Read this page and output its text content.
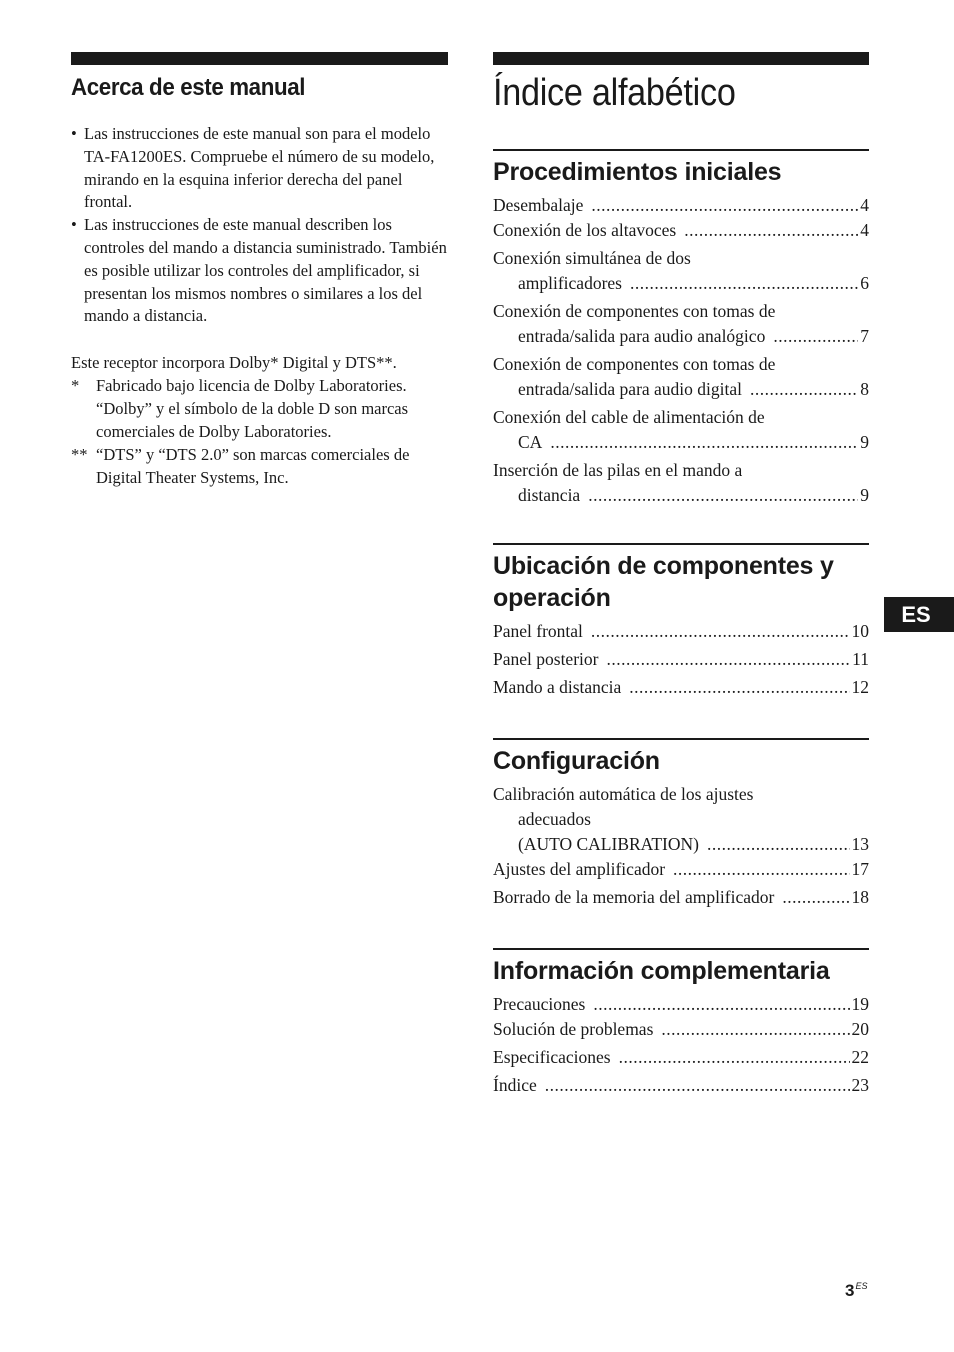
Acerca de este manual
• Las instrucciones de este manual son para el modelo TA-FA1200ES. Compruebe el número de su modelo, mirando en la esquina inferior derecha del panel frontal.
• Las instrucciones de este manual describen los controles del mando a distancia suministrado. También es posible utilizar los controles del amplificador, si presentan los mismos nombres o similares a los del mando a distancia.

Este receptor incorpora Dolby* Digital y DTS**.

* Fabricado bajo licencia de Dolby Laboratories. “Dolby” y el símbolo de la doble D son marcas comerciales de Dolby Laboratories.
** “DTS” y “DTS 2.0” son marcas comerciales de Digital Theater Systems, Inc.
Índice alfabético
Procedimientos iniciales
Desembalaje .....	4
Conexión de los altavoces .....	4
Conexión simultánea de dos
amplificadores .....	6
Conexión de componentes con tomas de
entrada/salida para audio analógico .....	7
Conexión de componentes con tomas de
entrada/salida para audio digital .....	8
Conexión del cable de alimentación de
CA .....	9
Inserción de las pilas en el mando a
distancia .....	9
Ubicación de componentes y operación
Panel frontal .....	10
Panel posterior .....	11
Mando a distancia .....	12
Configuración
Calibración automática de los ajustes
adecuados
(AUTO CALIBRATION) .....	13
Ajustes del amplificador .....	17
Borrado de la memoria del amplificador .....	18
Información complementaria
Precauciones .....	19
Solución de problemas .....	20
Especificaciones .....	22
Índice .....	23
ES
$3^{ES}$
